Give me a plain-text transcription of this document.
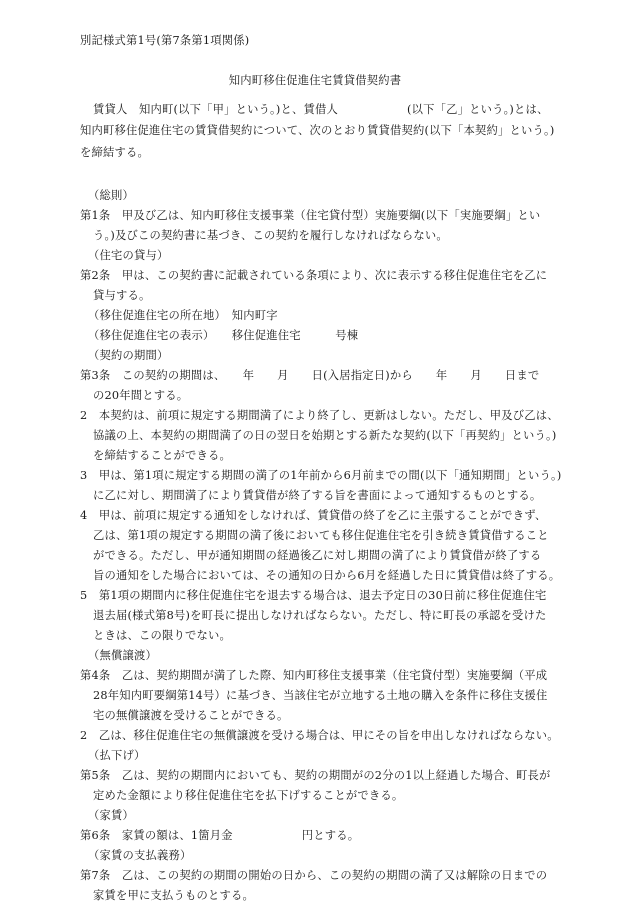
別記様式第1号(第7条第1項関係)
知内町移住促進住宅賃貸借契約書
賃貸人　知内町(以下「甲」という。)と、賃借人　　　　　　(以下「乙」という。)とは、
知内町移住促進住宅の賃貸借契約について、次のとおり賃貸借契約(以下「本契約」という。)
を締結する。
（総則）
第1条　甲及び乙は、知内町移住支援事業（住宅貸付型）実施要綱(以下「実施要綱」とい
う。)及びこの契約書に基づき、この契約を履行しなければならない。
（住宅の貸与）
第2条　甲は、この契約書に記載されている条項により、次に表示する移住促進住宅を乙に
貸与する。
（移住促進住宅の所在地）　知内町字
（移住促進住宅の表示）　　移住促進住宅　　　号棟
（契約の期間）
第3条　この契約の期間は、　　年　　月　　日(入居指定日)から　　年　　月　　日まで
の20年間とする。
2　本契約は、前項に規定する期間満了により終了し、更新はしない。ただし、甲及び乙は、
協議の上、本契約の期間満了の日の翌日を始期とする新たな契約(以下「再契約」という。)
を締結することができる。
3　甲は、第1項に規定する期間の満了の1年前から6月前までの間(以下「通知期間」という。)
に乙に対し、期間満了により賃貸借が終了する旨を書面によって通知するものとする。
4　甲は、前項に規定する通知をしなければ、賃貸借の終了を乙に主張することができず、
乙は、第1項の規定する期間の満了後においても移住促進住宅を引き続き賃貸借すること
ができる。ただし、甲が通知期間の経過後乙に対し期間の満了により賃貸借が終了する
旨の通知をした場合においては、その通知の日から6月を経過した日に賃貸借は終了する。
5　第1項の期間内に移住促進住宅を退去する場合は、退去予定日の30日前に移住促進住宅
退去届(様式第8号)を町長に提出しなければならない。ただし、特に町長の承認を受けた
ときは、この限りでない。
（無償譲渡）
第4条　乙は、契約期間が満了した際、知内町移住支援事業（住宅貸付型）実施要綱（平成
28年知内町要綱第14号）に基づき、当該住宅が立地する土地の購入を条件に移住支援住
宅の無償譲渡を受けることができる。
2　乙は、移住促進住宅の無償譲渡を受ける場合は、甲にその旨を申出しなければならない。
（払下げ）
第5条　乙は、契約の期間内においても、契約の期間がの2分の1以上経過した場合、町長が
定めた金額により移住促進住宅を払下げすることができる。
（家賃）
第6条　家賃の額は、1箇月金　　　　　　円とする。
（家賃の支払義務）
第7条　乙は、この契約の期間の開始の日から、この契約の期間の満了又は解除の日までの
家賃を甲に支払うものとする。
